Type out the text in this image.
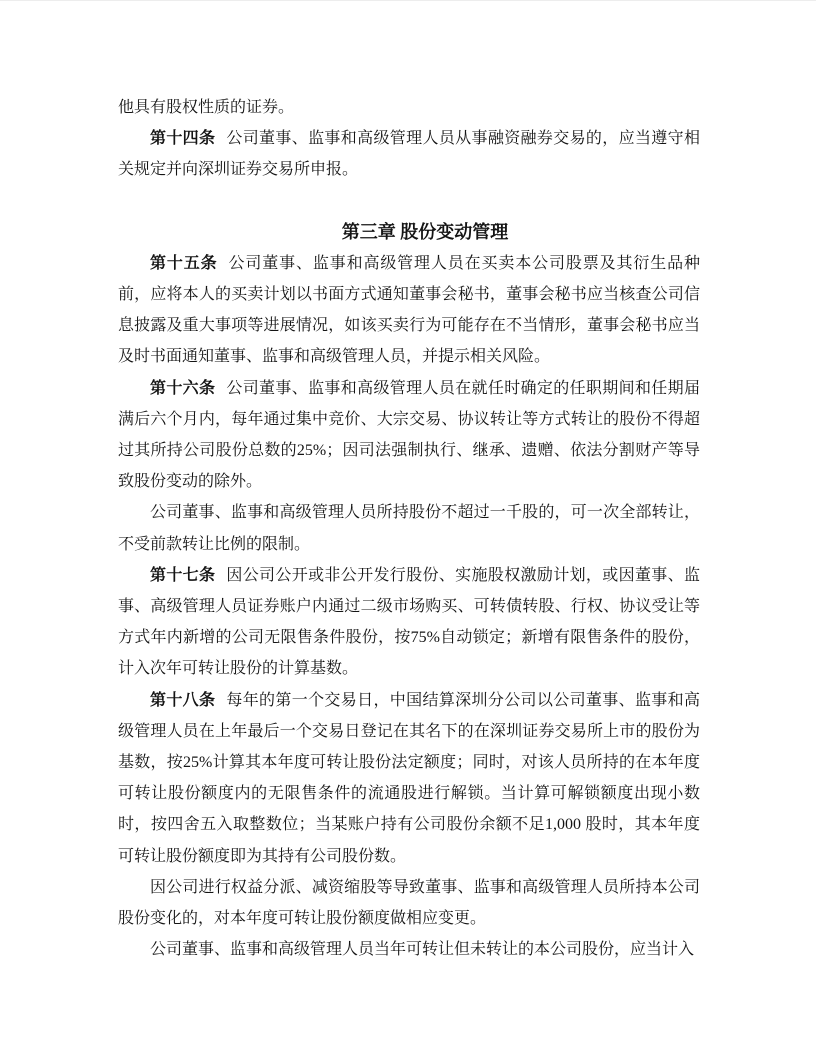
他具有股权性质的证券。

第十四条 公司董事、监事和高级管理人员从事融资融券交易的，应当遵守相关规定并向深圳证券交易所申报。

第三章 股份变动管理

第十五条 公司董事、监事和高级管理人员在买卖本公司股票及其衍生品种前，应将本人的买卖计划以书面方式通知董事会秘书，董事会秘书应当核查公司信息披露及重大事项等进展情况，如该买卖行为可能存在不当情形，董事会秘书应当及时书面通知董事、监事和高级管理人员，并提示相关风险。

第十六条 公司董事、监事和高级管理人员在就任时确定的任职期间和任期届满后六个月内，每年通过集中竞价、大宗交易、协议转让等方式转让的股份不得超过其所持公司股份总数的25%；因司法强制执行、继承、遗赠、依法分割财产等导致股份变动的除外。

公司董事、监事和高级管理人员所持股份不超过一千股的，可一次全部转让，不受前款转让比例的限制。

第十七条 因公司公开或非公开发行股份、实施股权激励计划，或因董事、监事、高级管理人员证券账户内通过二级市场购买、可转债转股、行权、协议受让等方式年内新增的公司无限售条件股份，按75%自动锁定；新增有限售条件的股份，计入次年可转让股份的计算基数。

第十八条 每年的第一个交易日，中国结算深圳分公司以公司董事、监事和高级管理人员在上年最后一个交易日登记在其名下的在深圳证券交易所上市的股份为基数，按25%计算其本年度可转让股份法定额度；同时，对该人员所持的在本年度可转让股份额度内的无限售条件的流通股进行解锁。当计算可解锁额度出现小数时，按四舍五入取整数位；当某账户持有公司股份余额不足1,000 股时，其本年度可转让股份额度即为其持有公司股份数。

因公司进行权益分派、减资缩股等导致董事、监事和高级管理人员所持本公司股份变化的，对本年度可转让股份额度做相应变更。

公司董事、监事和高级管理人员当年可转让但未转让的本公司股份，应当计入
